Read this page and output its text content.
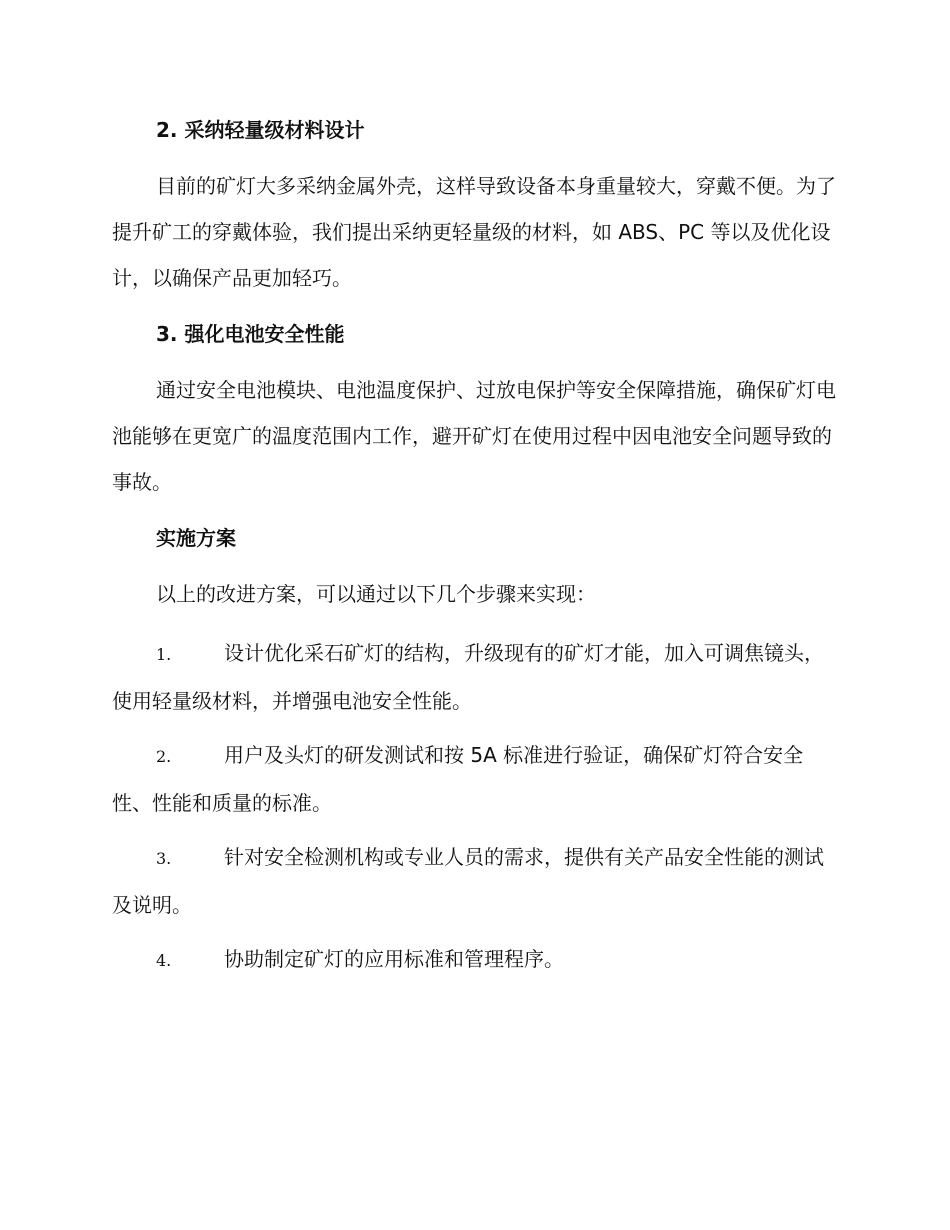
2. 采纳轻量级材料设计

目前的矿灯大多采纳金属外壳，这样导致设备本身重量较大，穿戴不便。为了提升矿工的穿戴体验，我们提出采纳更轻量级的材料，如 ABS、PC 等以及优化设计，以确保产品更加轻巧。

3. 强化电池安全性能

通过安全电池模块、电池温度保护、过放电保护等安全保障措施，确保矿灯电池能够在更宽广的温度范围内工作，避开矿灯在使用过程中因电池安全问题导致的事故。

实施方案

以上的改进方案，可以通过以下几个步骤来实现：

1.	设计优化采石矿灯的结构，升级现有的矿灯才能，加入可调焦镜头，使用轻量级材料，并增强电池安全性能。

2.	用户及头灯的研发测试和按 5A 标准进行验证，确保矿灯符合安全性、性能和质量的标准。

3.	针对安全检测机构或专业人员的需求，提供有关产品安全性能的测试及说明。

4.	协助制定矿灯的应用标准和管理程序。
